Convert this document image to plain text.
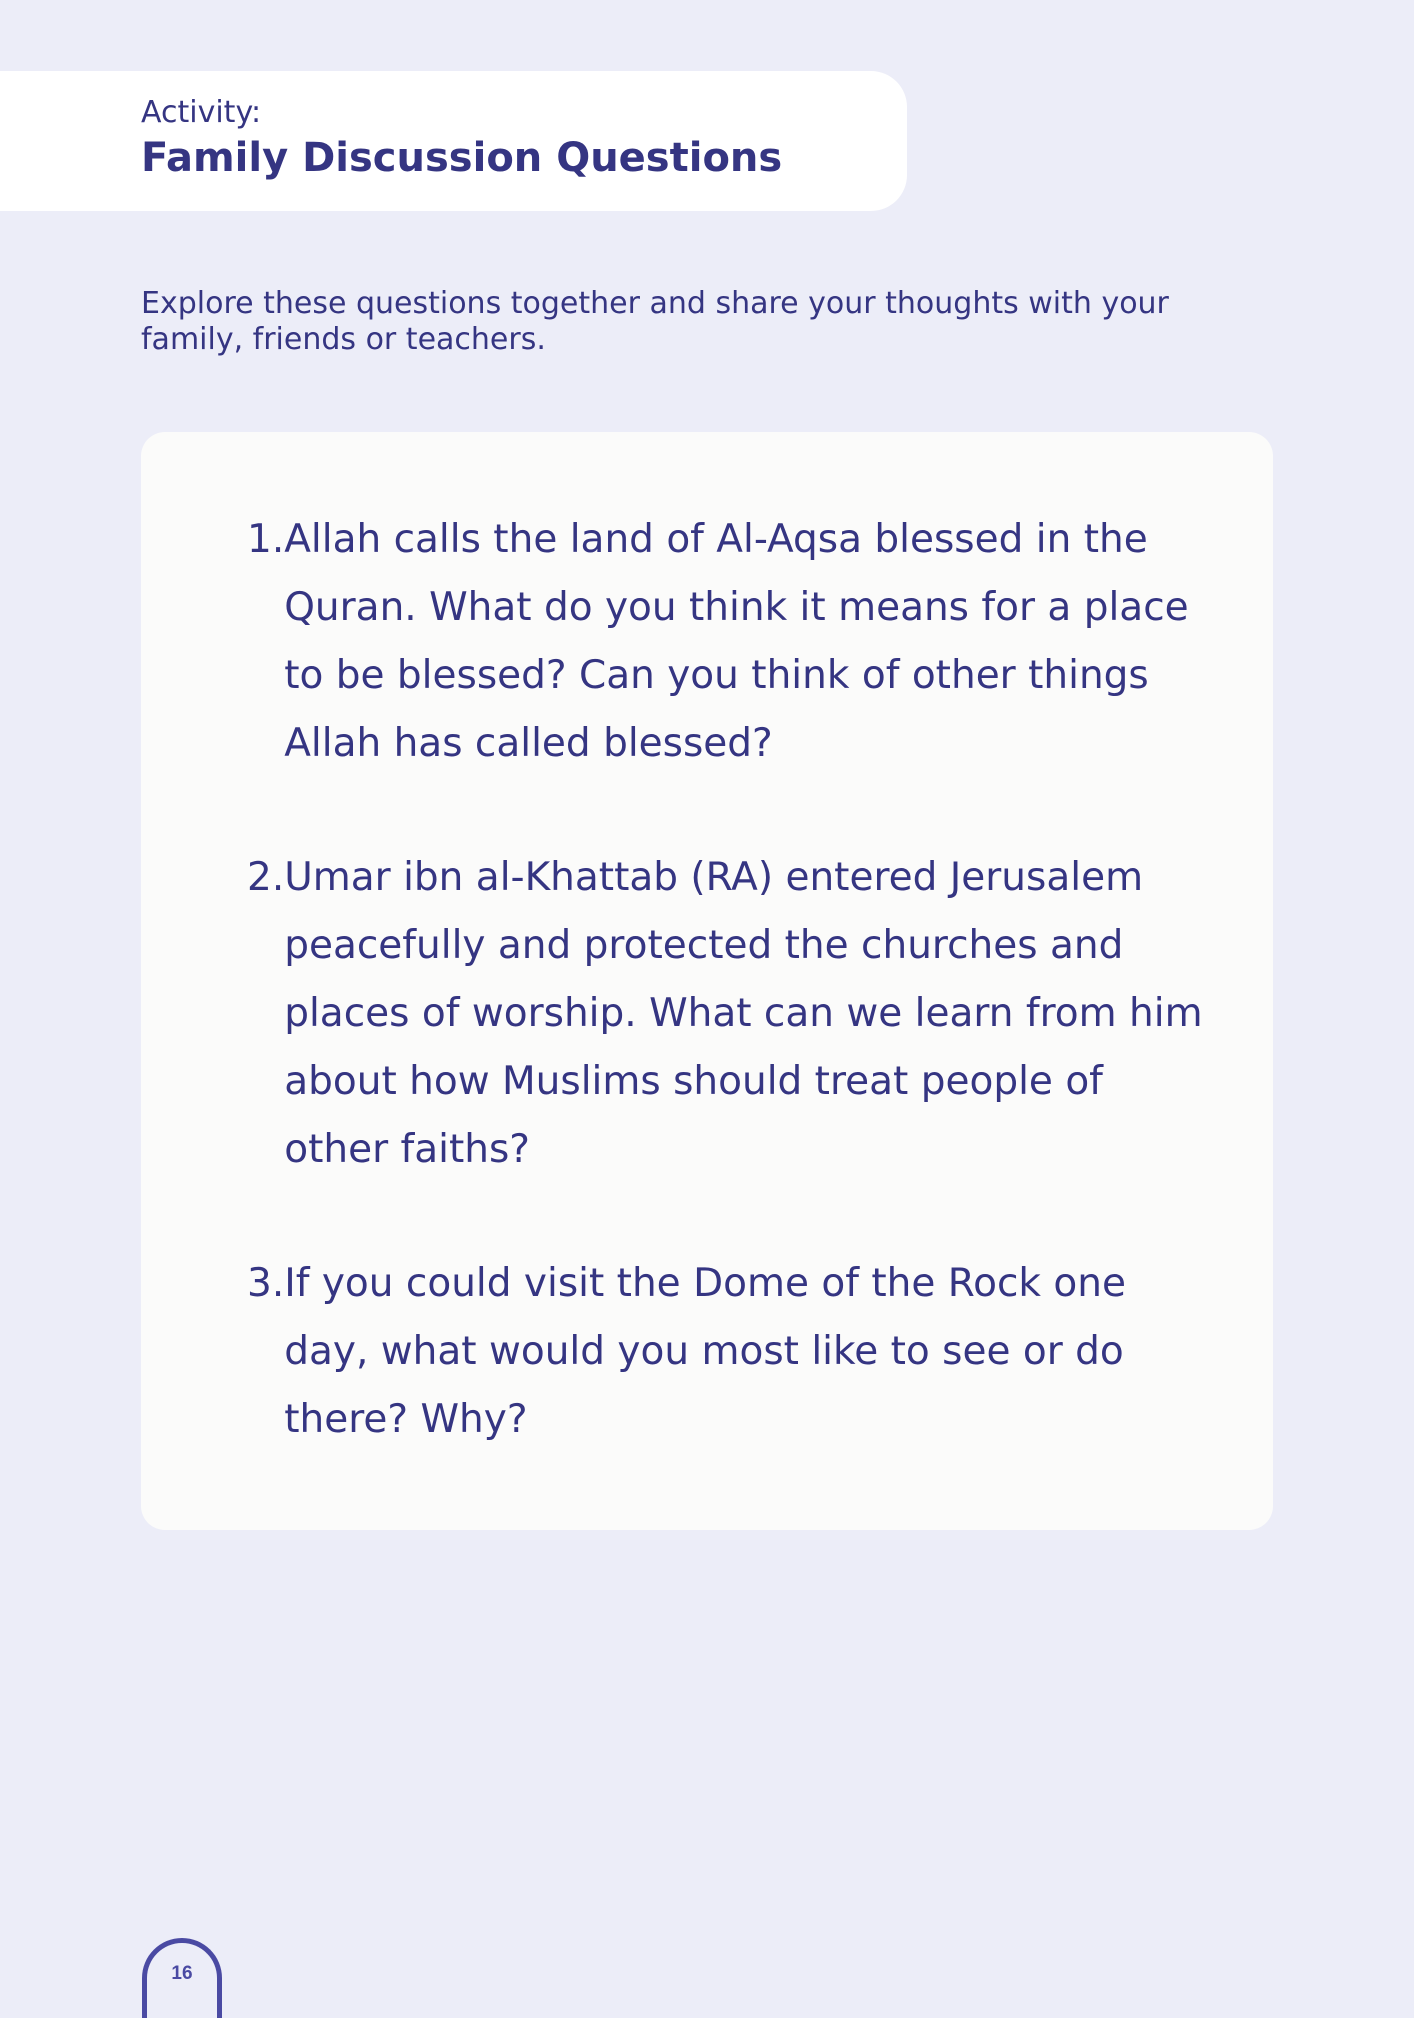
Activity:
Family Discussion Questions

Explore these questions together and share your thoughts with your family, friends or teachers.

1. Allah calls the land of Al-Aqsa blessed in the Quran. What do you think it means for a place to be blessed? Can you think of other things Allah has called blessed?
2. Umar ibn al-Khattab (RA) entered Jerusalem peacefully and protected the churches and places of worship. What can we learn from him about how Muslims should treat people of other faiths?
3. If you could visit the Dome of the Rock one day, what would you most like to see or do there? Why?
16
